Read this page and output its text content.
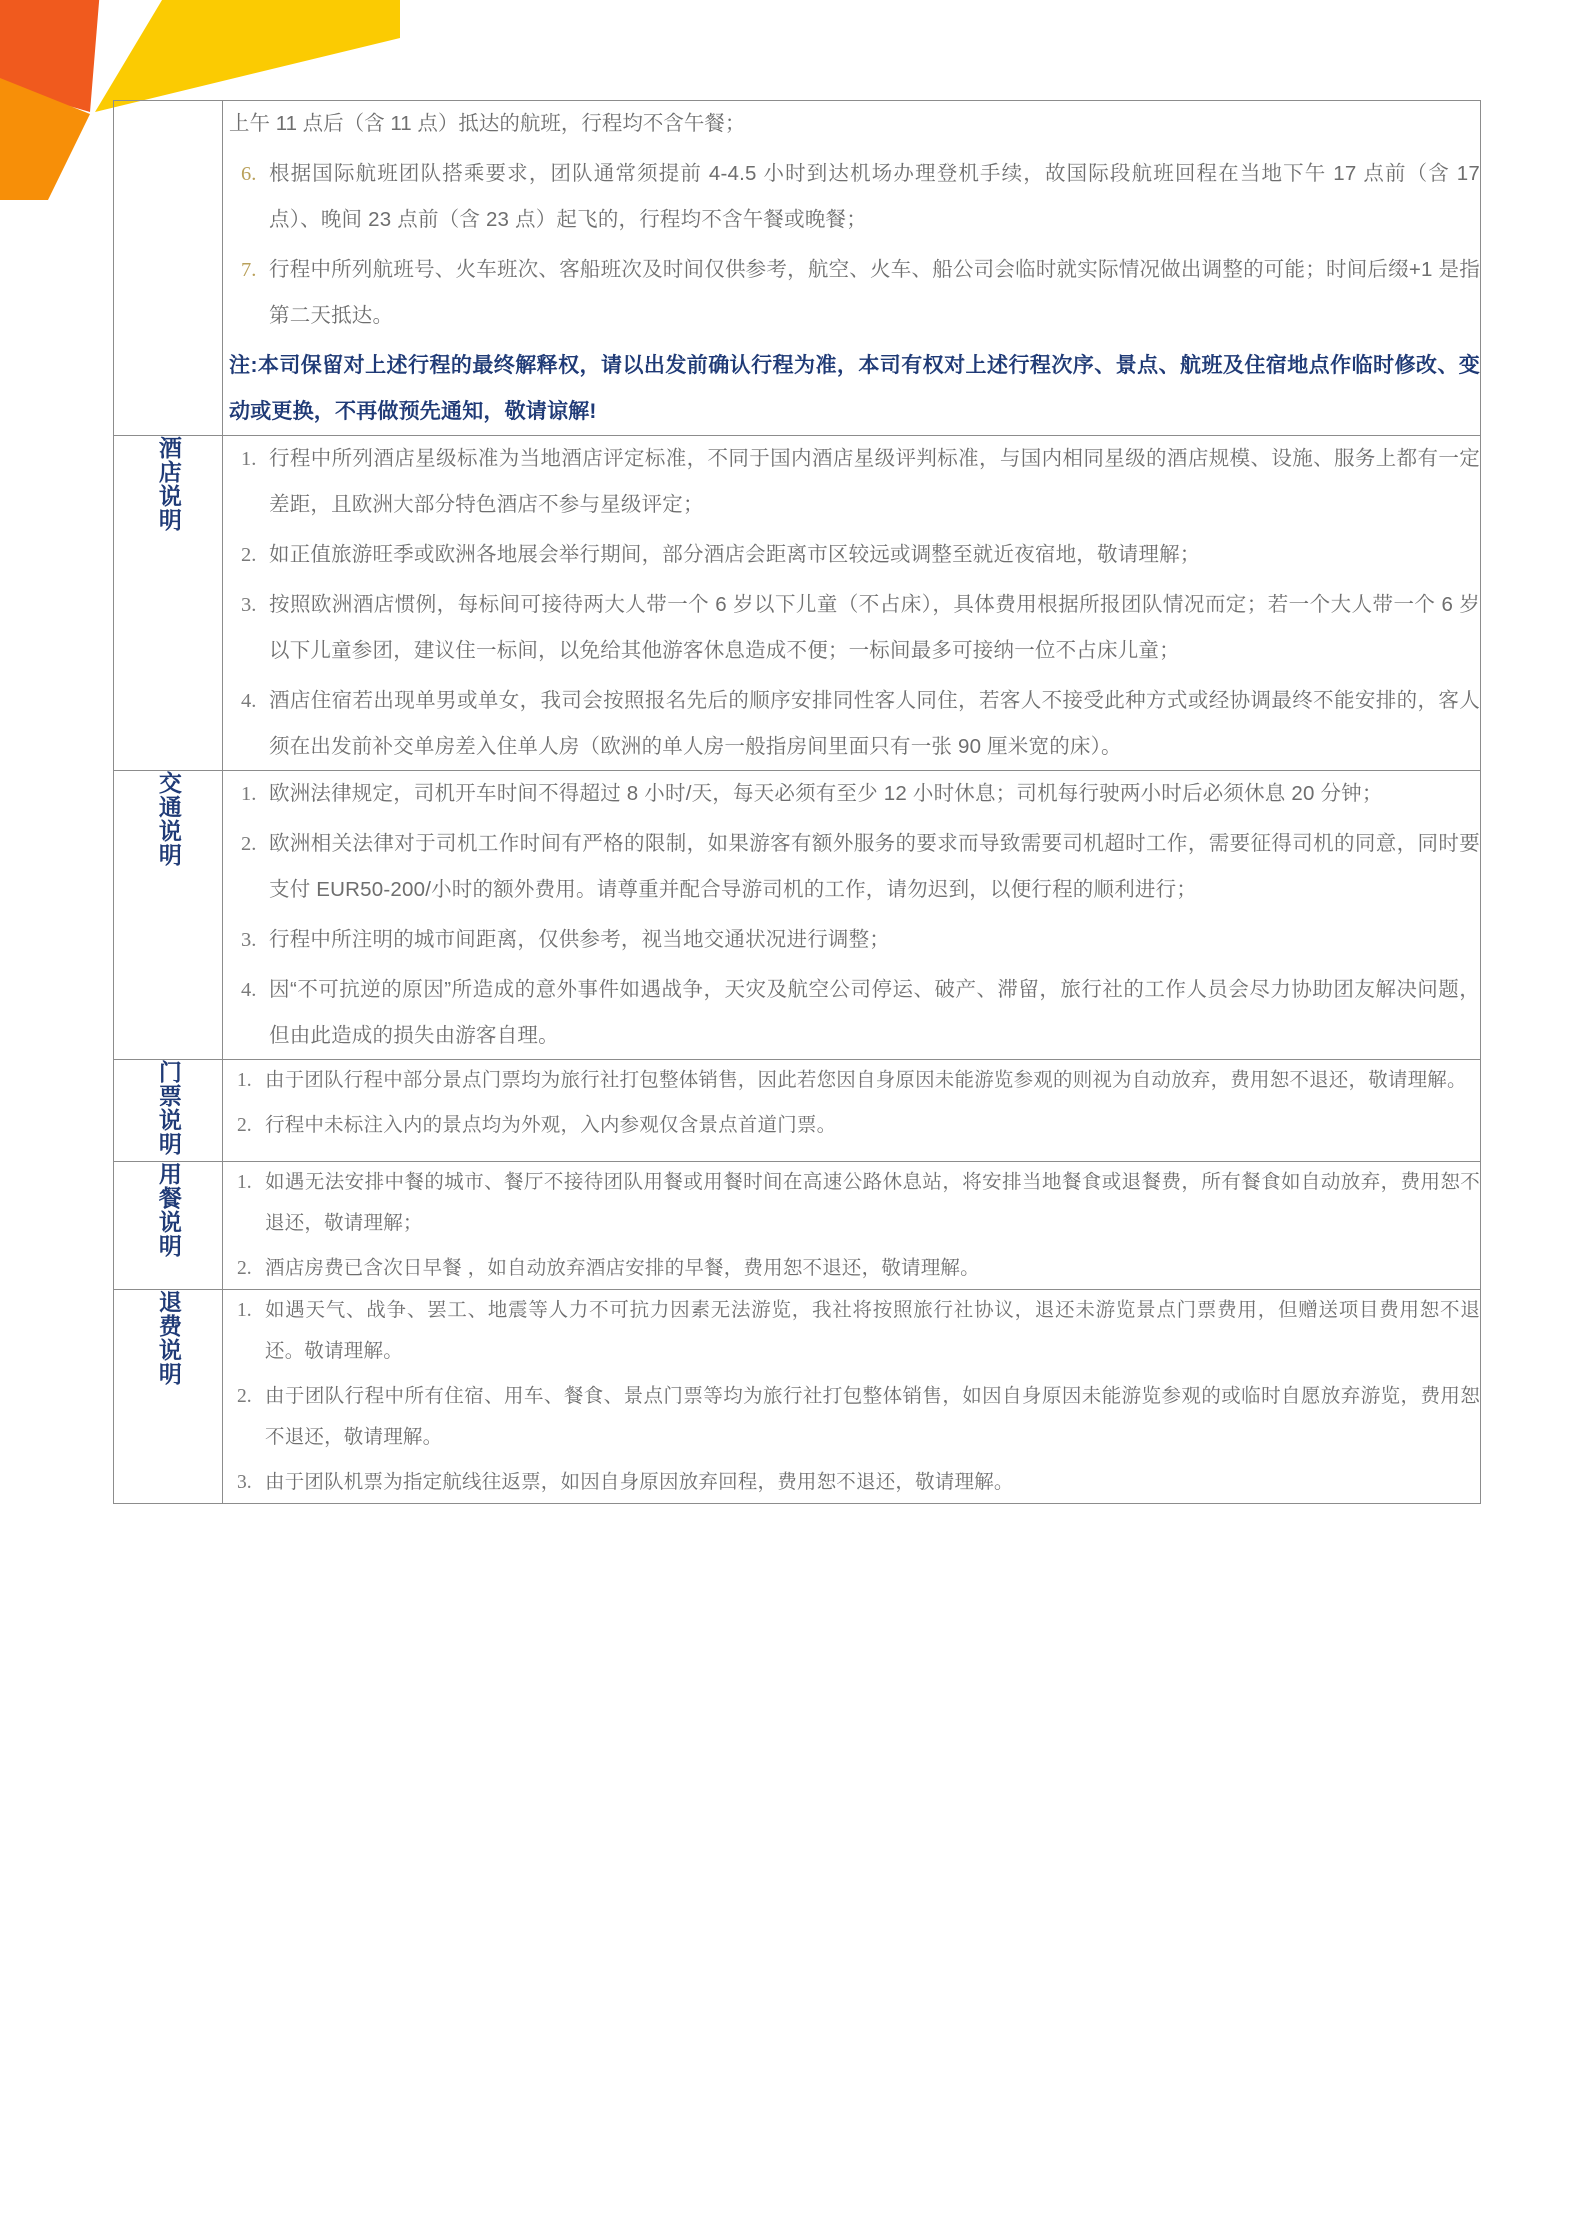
上午 11 点后（含 11 点）抵达的航班，行程均不含午餐；

6. 根据国际航班团队搭乘要求，团队通常须提前 4-4.5 小时到达机场办理登机手续，故国际段航班回程在当地下午 17 点前（含 17 点）、晚间 23 点前（含 23 点）起飞的，行程均不含午餐或晚餐；
7. 行程中所列航班号、火车班次、客船班次及时间仅供参考，航空、火车、船公司会临时就实际情况做出调整的可能；时间后缀+1 是指第二天抵达。

注:本司保留对上述行程的最终解释权，请以出发前确认行程为准，本司有权对上述行程次序、景点、航班及住宿地点作临时修改、变动或更换，不再做预先通知，敬请谅解!

酒店说明	1. 行程中所列酒店星级标准为当地酒店评定标准，不同于国内酒店星级评判标准，与国内相同星级的酒店规模、设施、服务上都有一定差距，且欧洲大部分特色酒店不参与星级评定；
2. 如正值旅游旺季或欧洲各地展会举行期间，部分酒店会距离市区较远或调整至就近夜宿地，敬请理解；
3. 按照欧洲酒店惯例，每标间可接待两大人带一个 6 岁以下儿童（不占床），具体费用根据所报团队情况而定；若一个大人带一个 6 岁以下儿童参团，建议住一标间，以免给其他游客休息造成不便；一标间最多可接纳一位不占床儿童；
4. 酒店住宿若出现单男或单女，我司会按照报名先后的顺序安排同性客人同住，若客人不接受此种方式或经协调最终不能安排的，客人须在出发前补交单房差入住单人房（欧洲的单人房一般指房间里面只有一张 90 厘米宽的床）。

交通说明	1. 欧洲法律规定，司机开车时间不得超过 8 小时/天，每天必须有至少 12 小时休息；司机每行驶两小时后必须休息 20 分钟；
2. 欧洲相关法律对于司机工作时间有严格的限制，如果游客有额外服务的要求而导致需要司机超时工作，需要征得司机的同意，同时要支付 EUR50-200/小时的额外费用。请尊重并配合导游司机的工作，请勿迟到，以便行程的顺利进行；
3. 行程中所注明的城市间距离，仅供参考，视当地交通状况进行调整；
4. 因“不可抗逆的原因”所造成的意外事件如遇战争，天灾及航空公司停运、破产、滞留，旅行社的工作人员会尽力协助团友解决问题，但由此造成的损失由游客自理。

门票说明	1. 由于团队行程中部分景点门票均为旅行社打包整体销售，因此若您因自身原因未能游览参观的则视为自动放弃，费用恕不退还，敬请理解。
2. 行程中未标注入内的景点均为外观，入内参观仅含景点首道门票。

用餐说明	1. 如遇无法安排中餐的城市、餐厅不接待团队用餐或用餐时间在高速公路休息站，将安排当地餐食或退餐费，所有餐食如自动放弃，费用恕不退还，敬请理解；
2. 酒店房费已含次日早餐 ，如自动放弃酒店安排的早餐，费用恕不退还，敬请理解。

退费说明	1. 如遇天气、战争、罢工、地震等人力不可抗力因素无法游览，我社将按照旅行社协议，退还未游览景点门票费用，但赠送项目费用恕不退还。敬请理解。
2. 由于团队行程中所有住宿、用车、餐食、景点门票等均为旅行社打包整体销售，如因自身原因未能游览参观的或临时自愿放弃游览，费用恕不退还，敬请理解。
3. 由于团队机票为指定航线往返票，如因自身原因放弃回程，费用恕不退还，敬请理解。
